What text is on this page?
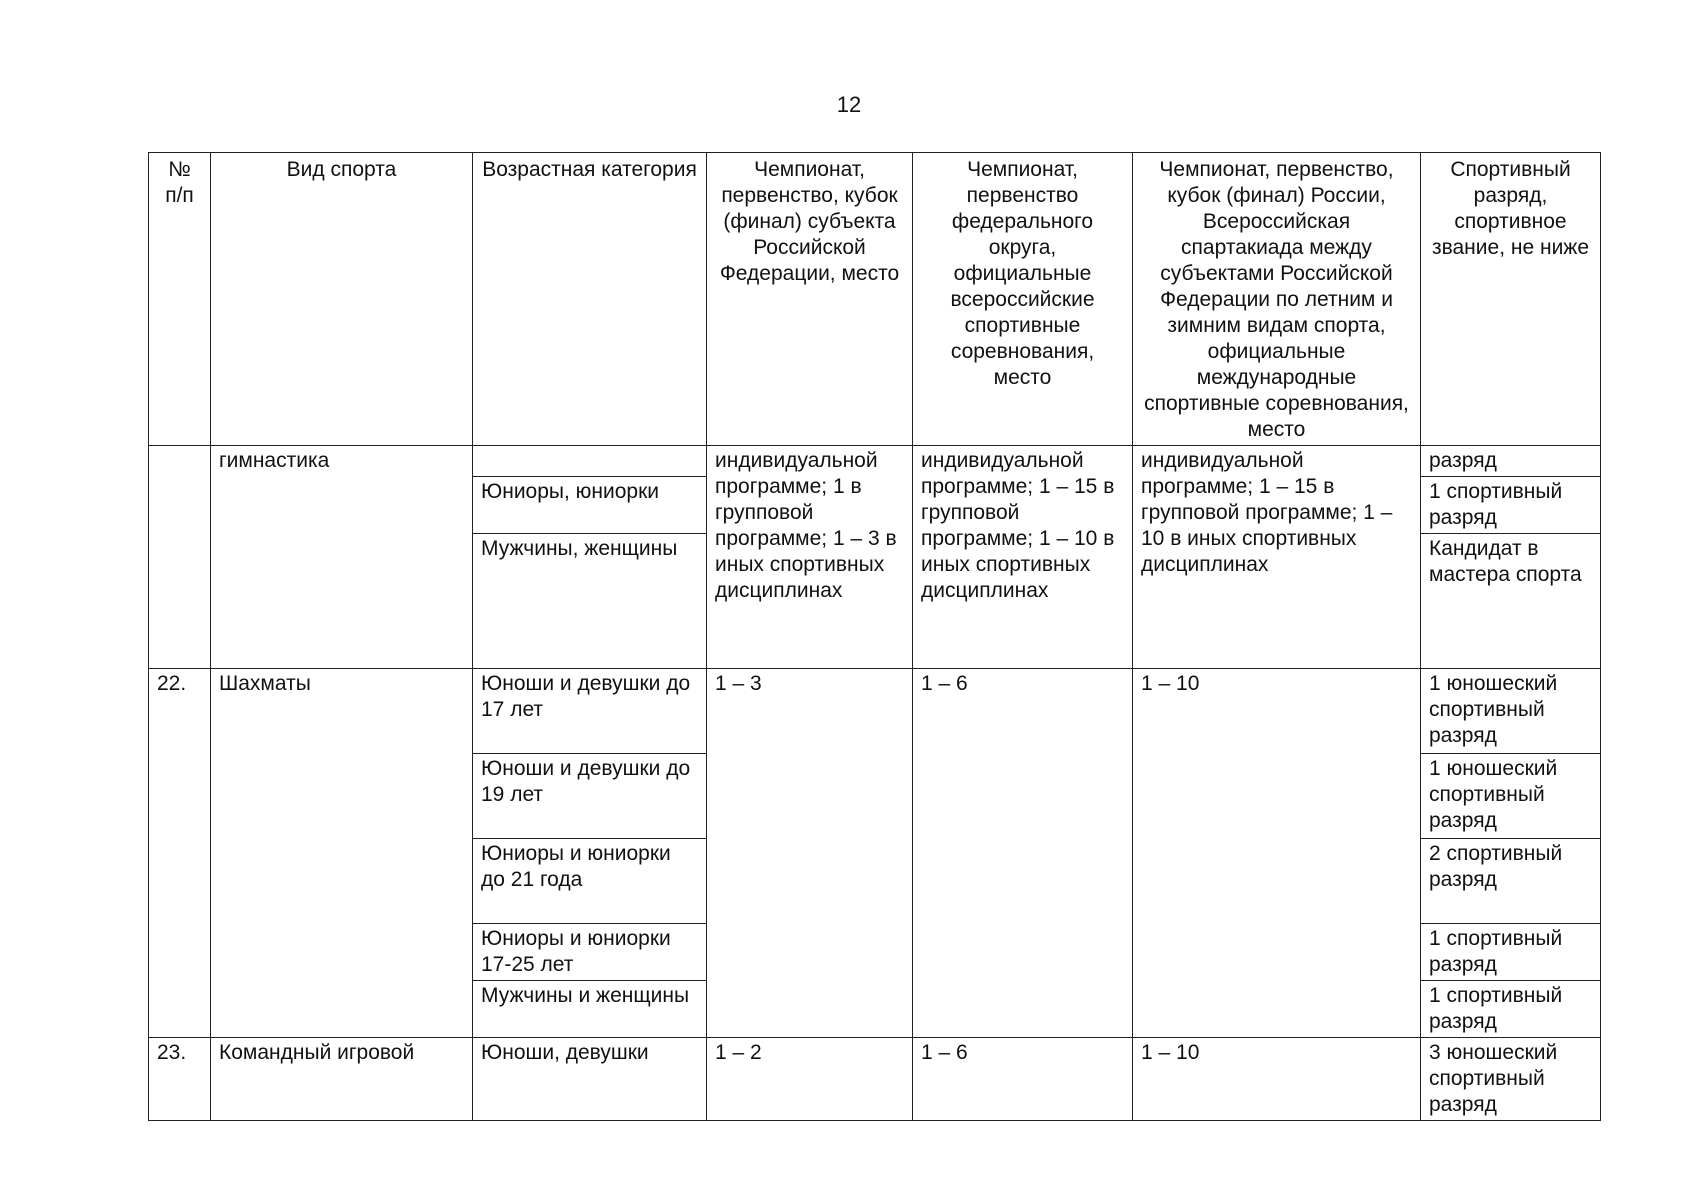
12
№ п/п	Вид спорта	Возрастная категория	Чемпионат, первенство, кубок (финал) субъекта Российской Федерации, место	Чемпионат, первенство федерального округа, официальные всероссийские спортивные соревнования, место	Чемпионат, первенство, кубок (финал) России, Всероссийская спартакиада между субъектами Российской Федерации по летним и зимним видам спорта, официальные международные спортивные соревнования, место	Спортивный разряд, спортивное звание, не ниже
	гимнастика		индивидуальной программе; 1 в групповой программе; 1 – 3 в иных спортивных дисциплинах	индивидуальной программе; 1 – 15 в групповой программе; 1 – 10 в иных спортивных дисциплинах	индивидуальной программе; 1 – 15 в групповой программе; 1 – 10 в иных спортивных дисциплинах	разряд
		Юниоры, юниорки				1 спортивный разряд
		Мужчины, женщины				Кандидат в мастера спорта
22.	Шахматы	Юноши и девушки до 17 лет	1 – 3	1 – 6	1 – 10	1 юношеский спортивный разряд
		Юноши и девушки до 19 лет				1 юношеский спортивный разряд
		Юниоры и юниорки до 21 года				2 спортивный разряд
		Юниоры и юниорки 17-25 лет				1 спортивный разряд
		Мужчины и женщины				1 спортивный разряд
23.	Командный игровой	Юноши, девушки	1 – 2	1 – 6	1 – 10	3 юношеский спортивный разряд
